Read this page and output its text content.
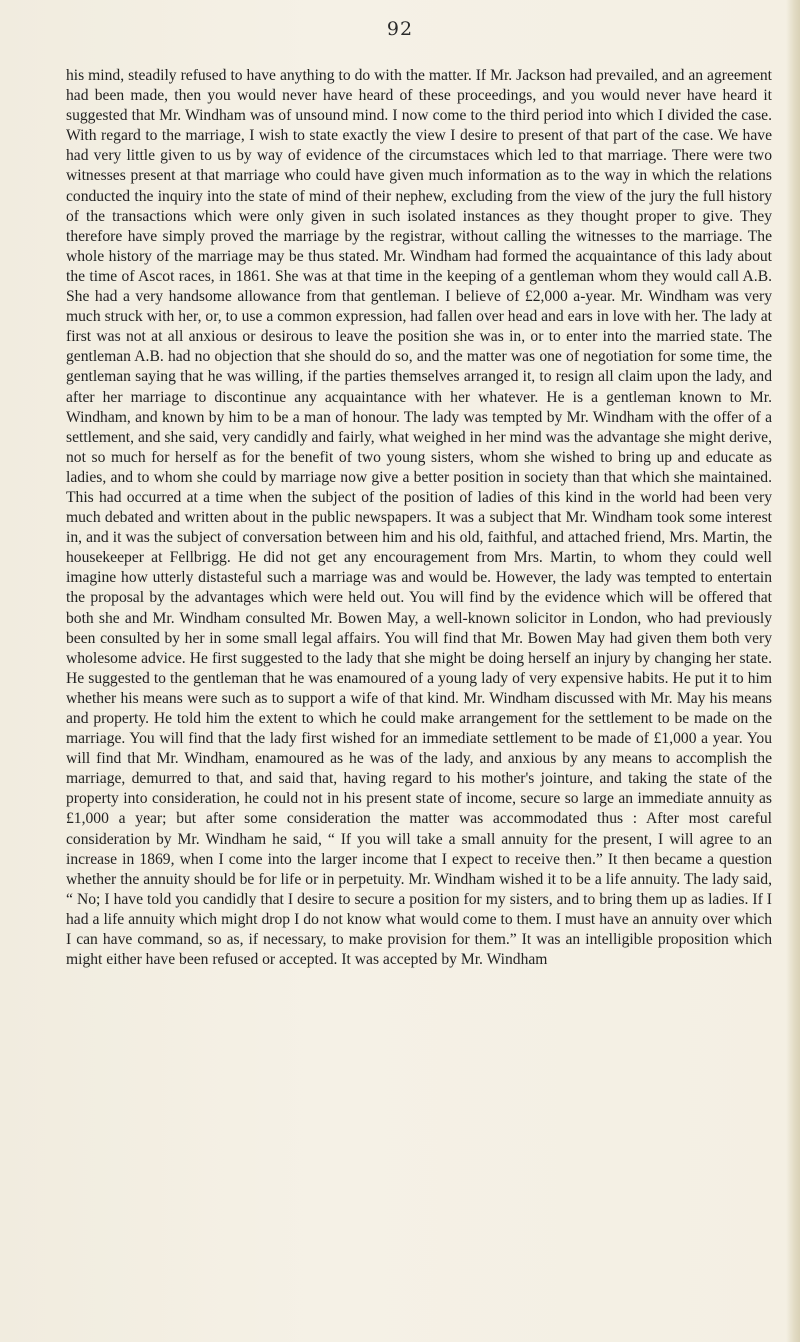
92

his mind, steadily refused to have anything to do with the matter. If Mr. Jackson had prevailed, and an agreement had been made, then you would never have heard of these proceedings, and you would never have heard it suggested that Mr. Windham was of unsound mind. I now come to the third period into which I divided the case. With regard to the marriage, I wish to state exactly the view I desire to present of that part of the case. We have had very little given to us by way of evidence of the circumstaces which led to that marriage. There were two witnesses present at that marriage who could have given much information as to the way in which the relations conducted the inquiry into the state of mind of their nephew, excluding from the view of the jury the full history of the transactions which were only given in such isolated instances as they thought proper to give. They therefore have simply proved the marriage by the registrar, without calling the witnesses to the marriage. The whole history of the marriage may be thus stated. Mr. Windham had formed the acquaintance of this lady about the time of Ascot races, in 1861. She was at that time in the keeping of a gentleman whom they would call A.B. She had a very handsome allowance from that gentleman. I believe of £2,000 a-year. Mr. Windham was very much struck with her, or, to use a common expression, had fallen over head and ears in love with her. The lady at first was not at all anxious or desirous to leave the position she was in, or to enter into the married state. The gentleman A.B. had no objection that she should do so, and the matter was one of negotiation for some time, the gentleman saying that he was willing, if the parties themselves arranged it, to resign all claim upon the lady, and after her marriage to discontinue any acquaintance with her whatever. He is a gentleman known to Mr. Windham, and known by him to be a man of honour. The lady was tempted by Mr. Windham with the offer of a settlement, and she said, very candidly and fairly, what weighed in her mind was the advantage she might derive, not so much for herself as for the benefit of two young sisters, whom she wished to bring up and educate as ladies, and to whom she could by marriage now give a better position in society than that which she maintained. This had occurred at a time when the subject of the position of ladies of this kind in the world had been very much debated and written about in the public newspapers. It was a subject that Mr. Windham took some interest in, and it was the subject of conversation between him and his old, faithful, and attached friend, Mrs. Martin, the housekeeper at Fellbrigg. He did not get any encouragement from Mrs. Martin, to whom they could well imagine how utterly distasteful such a marriage was and would be. However, the lady was tempted to entertain the proposal by the advantages which were held out. You will find by the evidence which will be offered that both she and Mr. Windham consulted Mr. Bowen May, a well-known solicitor in London, who had previously been consulted by her in some small legal affairs. You will find that Mr. Bowen May had given them both very wholesome advice. He first suggested to the lady that she might be doing herself an injury by changing her state. He suggested to the gentleman that he was enamoured of a young lady of very expensive habits. He put it to him whether his means were such as to support a wife of that kind. Mr. Windham discussed with Mr. May his means and property. He told him the extent to which he could make arrangement for the settlement to be made on the marriage. You will find that the lady first wished for an immediate settlement to be made of £1,000 a year. You will find that Mr. Windham, enamoured as he was of the lady, and anxious by any means to accomplish the marriage, demurred to that, and said that, having regard to his mother's jointure, and taking the state of the property into consideration, he could not in his present state of income, secure so large an immediate annuity as £1,000 a year; but after some consideration the matter was accommodated thus : After most careful consideration by Mr. Windham he said, “ If you will take a small annuity for the present, I will agree to an increase in 1869, when I come into the larger income that I expect to receive then.” It then became a question whether the annuity should be for life or in perpetuity. Mr. Windham wished it to be a life annuity. The lady said, “ No; I have told you candidly that I desire to secure a position for my sisters, and to bring them up as ladies. If I had a life annuity which might drop I do not know what would come to them. I must have an annuity over which I can have command, so as, if necessary, to make provision for them.” It was an intelligible proposition which might either have been refused or accepted. It was accepted by Mr. Windham
